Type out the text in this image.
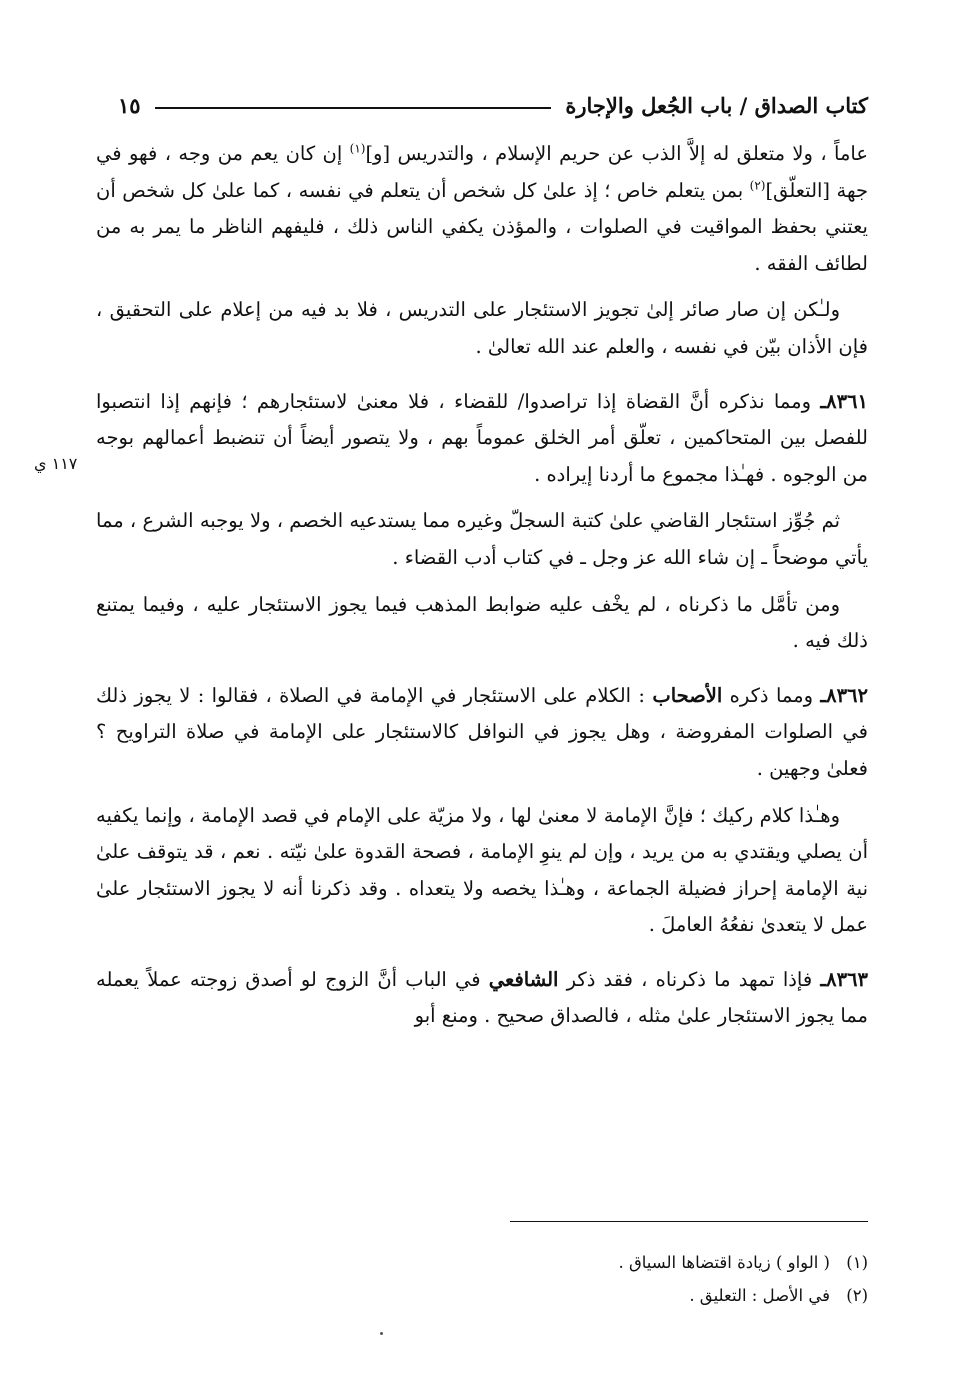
كتاب الصداق / باب الجُعل والإجارة
١٥
١١٧ ي

عاماً ، ولا متعلق له إلاَّ الذب عن حريم الإسلام ، والتدريس [و]$^{(١)}$ إن كان يعم من وجه ، فهو في جهة [التعلّق]$^{(٢)}$ بمن يتعلم خاص ؛ إذ علىٰ كل شخص أن يتعلم في نفسه ، كما علىٰ كل شخص أن يعتني بحفظ المواقيت في الصلوات ، والمؤذن يكفي الناس ذلك ، فليفهم الناظر ما يمر به من لطائف الفقه .

ولـٰكن إن صار صائر إلىٰ تجويز الاستئجار على التدريس ، فلا بد فيه من إعلام على التحقيق ، فإن الأذان بيّن في نفسه ، والعلم عند الله تعالىٰ .

٨٣٦١ـ ومما نذكره أنَّ القضاة إذا تراصدوا/ للقضاء ، فلا معنىٰ لاستئجارهم ؛ فإنهم إذا انتصبوا للفصل بين المتحاكمين ، تعلّق أمر الخلق عموماً بهم ، ولا يتصور أيضاً أن تنضبط أعمالهم بوجه من الوجوه . فهـٰذا مجموع ما أردنا إيراده .

ثم جُوِّز استئجار القاضي علىٰ كتبة السجلّ وغيره مما يستدعيه الخصم ، ولا يوجبه الشرع ، مما يأتي موضحاً ـ إن شاء الله عز وجل ـ في كتاب أدب القضاء .

ومن تأمَّل ما ذكرناه ، لم يخْف عليه ضوابط المذهب فيما يجوز الاستئجار عليه ، وفيما يمتنع ذلك فيه .

٨٣٦٢ـ ومما ذكره الأصحاب : الكلام على الاستئجار في الإمامة في الصلاة ، فقالوا : لا يجوز ذلك في الصلوات المفروضة ، وهل يجوز في النوافل كالاستئجار على الإمامة في صلاة التراويح ؟ فعلىٰ وجهين .

وهـٰذا كلام ركيك ؛ فإنَّ الإمامة لا معنىٰ لها ، ولا مزيّة على الإمام في قصد الإمامة ، وإنما يكفيه أن يصلي ويقتدي به من يريد ، وإن لم ينوِ الإمامة ، فصحة القدوة علىٰ نيّته . نعم ، قد يتوقف علىٰ نية الإمامة إحراز فضيلة الجماعة ، وهـٰذا يخصه ولا يتعداه . وقد ذكرنا أنه لا يجوز الاستئجار علىٰ عمل لا يتعدىٰ نفعُهُ العاملَ .

٨٣٦٣ـ فإذا تمهد ما ذكرناه ، فقد ذكر الشافعي في الباب أنَّ الزوج لو أصدق زوجته عملاً يعمله مما يجوز الاستئجار علىٰ مثله ، فالصداق صحيح . ومنع أبو

(١)( الواو ) زيادة اقتضاها السياق .

(٢)في الأصل : التعليق .
